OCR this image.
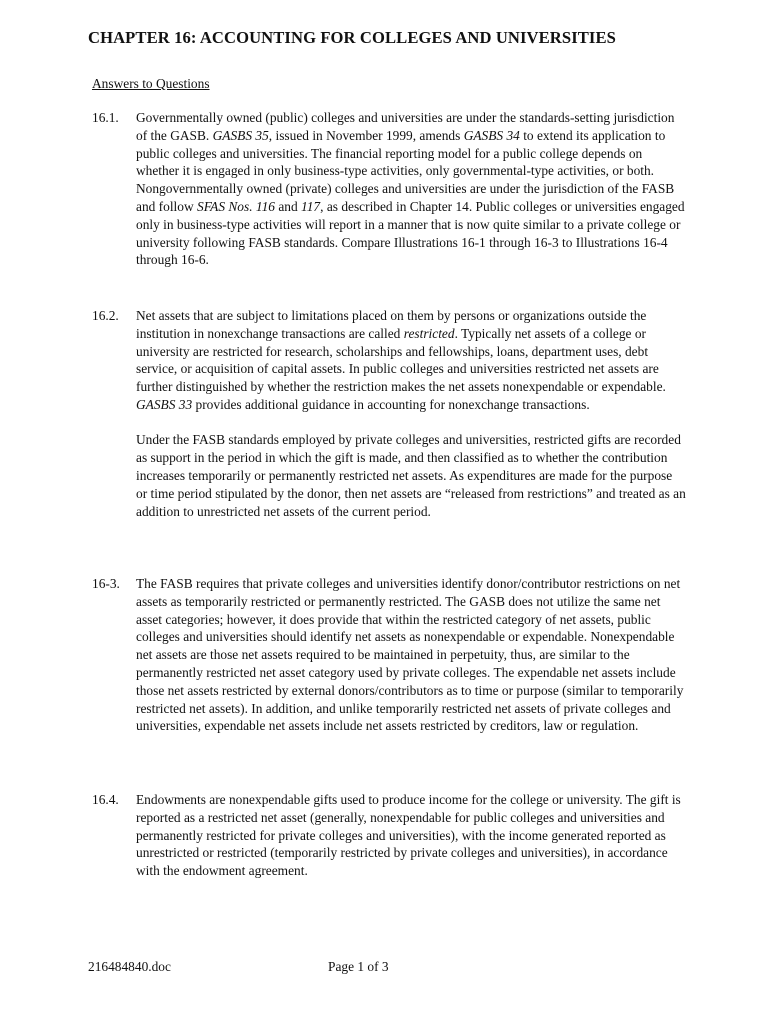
CHAPTER 16: ACCOUNTING FOR COLLEGES AND UNIVERSITIES
Answers to Questions
16.1. Governmentally owned (public) colleges and universities are under the standards-setting jurisdiction of the GASB. GASBS 35, issued in November 1999, amends GASBS 34 to extend its application to public colleges and universities. The financial reporting model for a public college depends on whether it is engaged in only business-type activities, only governmental-type activities, or both. Nongovernmentally owned (private) colleges and universities are under the jurisdiction of the FASB and follow SFAS Nos. 116 and 117, as described in Chapter 14. Public colleges or universities engaged only in business-type activities will report in a manner that is now quite similar to a private college or university following FASB standards. Compare Illustrations 16-1 through 16-3 to Illustrations 16-4 through 16-6.

16.2. Net assets that are subject to limitations placed on them by persons or organizations outside the institution in nonexchange transactions are called restricted. Typically net assets of a college or university are restricted for research, scholarships and fellowships, loans, department uses, debt service, or acquisition of capital assets. In public colleges and universities restricted net assets are further distinguished by whether the restriction makes the net assets nonexpendable or expendable. GASBS 33 provides additional guidance in accounting for nonexchange transactions.

Under the FASB standards employed by private colleges and universities, restricted gifts are recorded as support in the period in which the gift is made, and then classified as to whether the contribution increases temporarily or permanently restricted net assets. As expenditures are made for the purpose or time period stipulated by the donor, then net assets are “released from restrictions” and treated as an addition to unrestricted net assets of the current period.

16-3. The FASB requires that private colleges and universities identify donor/contributor restrictions on net assets as temporarily restricted or permanently restricted. The GASB does not utilize the same net asset categories; however, it does provide that within the restricted category of net assets, public colleges and universities should identify net assets as nonexpendable or expendable. Nonexpendable net assets are those net assets required to be maintained in perpetuity, thus, are similar to the permanently restricted net asset category used by private colleges. The expendable net assets include those net assets restricted by external donors/contributors as to time or purpose (similar to temporarily restricted net assets). In addition, and unlike temporarily restricted net assets of private colleges and universities, expendable net assets include net assets restricted by creditors, law or regulation.

16.4. Endowments are nonexpendable gifts used to produce income for the college or university. The gift is reported as a restricted net asset (generally, nonexpendable for public colleges and universities and permanently restricted for private colleges and universities), with the income generated reported as unrestricted or restricted (temporarily restricted by private colleges and universities), in accordance with the endowment agreement.

216484840.doc	Page 1 of 3
